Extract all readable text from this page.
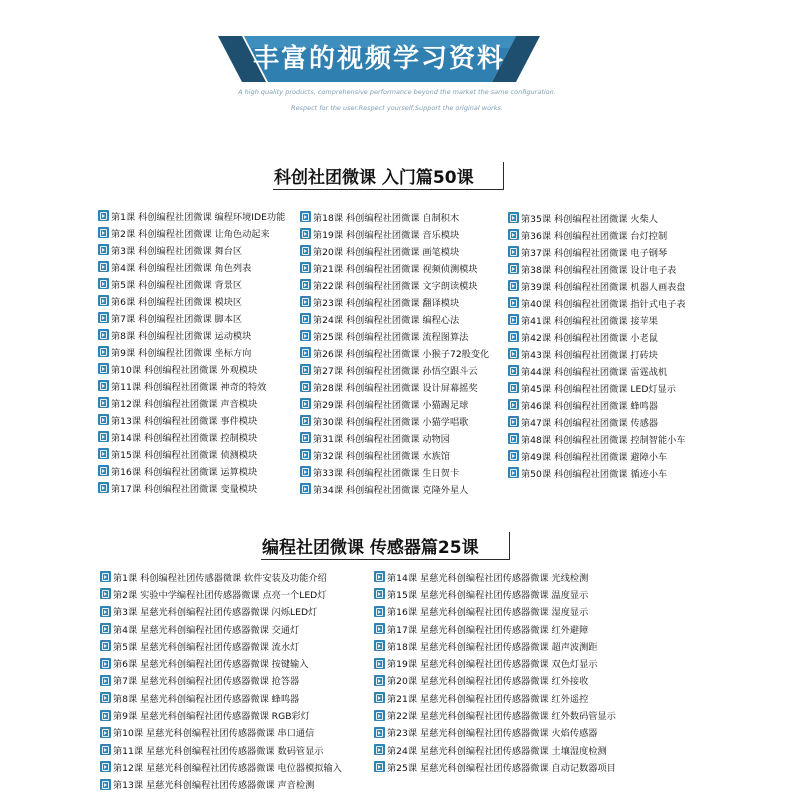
丰富的视频学习资料
A high quality products, comprehensive performance beyond the market the same configuration.
Respect for the user.Respect yourself.Support the original works.
科创社团微课 入门篇50课
第1课 科创编程社团微课 编程环境IDE功能
第2课 科创编程社团微课 让角色动起来
第3课 科创编程社团微课 舞台区
第4课 科创编程社团微课 角色列表
第5课 科创编程社团微课 背景区
第6课 科创编程社团微课 模块区
第7课 科创编程社团微课 脚本区
第8课 科创编程社团微课 运动模块
第9课 科创编程社团微课 坐标方向
第10课 科创编程社团微课 外观模块
第11课 科创编程社团微课 神奇的特效
第12课 科创编程社团微课 声音模块
第13课 科创编程社团微课 事件模块
第14课 科创编程社团微课 控制模块
第15课 科创编程社团微课 侦测模块
第16课 科创编程社团微课 运算模块
第17课 科创编程社团微课 变量模块
第18课 科创编程社团微课 自制积木
第19课 科创编程社团微课 音乐模块
第20课 科创编程社团微课 画笔模块
第21课 科创编程社团微课 视频侦测模块
第22课 科创编程社团微课 文字朗读模块
第23课 科创编程社团微课 翻译模块
第24课 科创编程社团微课 编程心法
第25课 科创编程社团微课 流程图算法
第26课 科创编程社团微课 小猴子72般变化
第27课 科创编程社团微课 孙悟空跟斗云
第28课 科创编程社团微课 设计屏幕摇奖
第29课 科创编程社团微课 小猫踢足球
第30课 科创编程社团微课 小猫学唱歌
第31课 科创编程社团微课 动物园
第32课 科创编程社团微课 水族馆
第33课 科创编程社团微课 生日贺卡
第34课 科创编程社团微课 克隆外星人
第35课 科创编程社团微课 火柴人
第36课 科创编程社团微课 台灯控制
第37课 科创编程社团微课 电子钢琴
第38课 科创编程社团微课 设计电子表
第39课 科创编程社团微课 机器人画表盘
第40课 科创编程社团微课 指针式电子表
第41课 科创编程社团微课 接苹果
第42课 科创编程社团微课 小老鼠
第43课 科创编程社团微课 打砖块
第44课 科创编程社团微课 雷霆战机
第45课 科创编程社团微课 LED灯显示
第46课 科创编程社团微课 蜂鸣器
第47课 科创编程社团微课 传感器
第48课 科创编程社团微课 控制智能小车
第49课 科创编程社团微课 避障小车
第50课 科创编程社团微课 循迹小车
编程社团微课 传感器篇25课
第1课 科创编程社团传感器微课 软件安装及功能介绍
第2课 实验中学编程社团传感器微课 点亮一个LED灯
第3课 星慈光科创编程社团传感器微课 闪烁LED灯
第4课 星慈光科创编程社团传感器微课 交通灯
第5课 星慈光科创编程社团传感器微课 流水灯
第6课 星慈光科创编程社团传感器微课 按键输入
第7课 星慈光科创编程社团传感器微课 抢答器
第8课 星慈光科创编程社团传感器微课 蜂鸣器
第9课 星慈光科创编程社团传感器微课 RGB彩灯
第10课 星慈光科创编程社团传感器微课 串口通信
第11课 星慈光科创编程社团传感器微课 数码管显示
第12课 星慈光科创编程社团传感器微课 电位器模拟输入
第13课 星慈光科创编程社团传感器微课 声音检测
第14课 星慈光科创编程社团传感器微课 光线检测
第15课 星慈光科创编程社团传感器微课 温度显示
第16课 星慈光科创编程社团传感器微课 湿度显示
第17课 星慈光科创编程社团传感器微课 红外避障
第18课 星慈光科创编程社团传感器微课 超声波测距
第19课 星慈光科创编程社团传感器微课 双色灯显示
第20课 星慈光科创编程社团传感器微课 红外接收
第21课 星慈光科创编程社团传感器微课 红外遥控
第22课 星慈光科创编程社团传感器微课 红外数码管显示
第23课 星慈光科创编程社团传感器微课 火焰传感器
第24课 星慈光科创编程社团传感器微课 土壤湿度检测
第25课 星慈光科创编程社团传感器微课 自动记数器项目
